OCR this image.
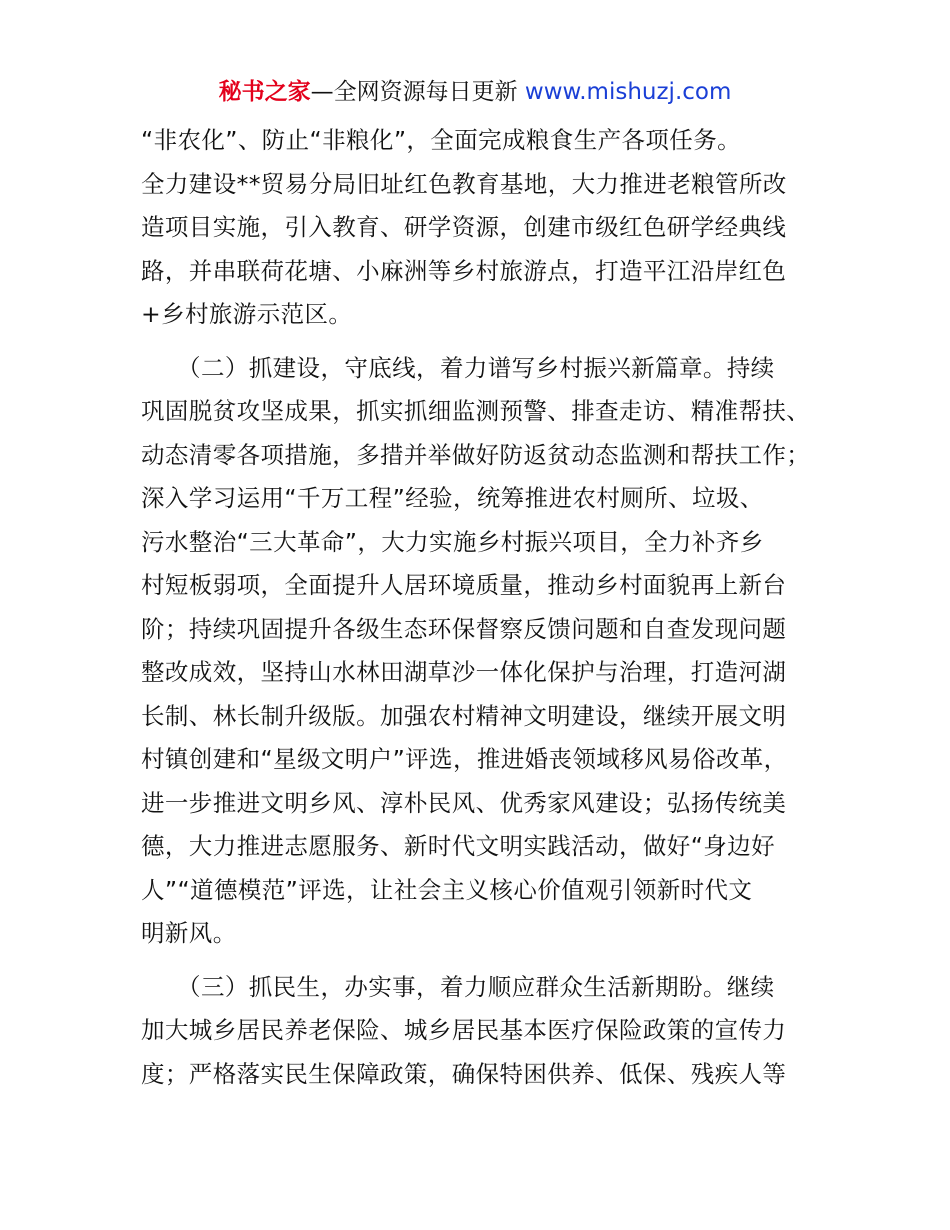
秘书之家—全网资源每日更新 www.mishuzj.com
“非农化”、防止“非粮化”，全面完成粮食生产各项任务。
全力建设**贸易分局旧址红色教育基地，大力推进老粮管所改
造项目实施，引入教育、研学资源，创建市级红色研学经典线
路，并串联荷花塘、小麻洲等乡村旅游点，打造平江沿岸红色
+乡村旅游示范区。
　　（二）抓建设，守底线，着力谱写乡村振兴新篇章。持续
巩固脱贫攻坚成果，抓实抓细监测预警、排查走访、精准帮扶、
动态清零各项措施，多措并举做好防返贫动态监测和帮扶工作；
深入学习运用“千万工程”经验，统筹推进农村厕所、垃圾、
污水整治“三大革命”，大力实施乡村振兴项目，全力补齐乡
村短板弱项，全面提升人居环境质量，推动乡村面貌再上新台
阶；持续巩固提升各级生态环保督察反馈问题和自查发现问题
整改成效，坚持山水林田湖草沙一体化保护与治理，打造河湖
长制、林长制升级版。加强农村精神文明建设，继续开展文明
村镇创建和“星级文明户”评选，推进婚丧领域移风易俗改革，
进一步推进文明乡风、淳朴民风、优秀家风建设；弘扬传统美
德，大力推进志愿服务、新时代文明实践活动，做好“身边好
人”“道德模范”评选，让社会主义核心价值观引领新时代文
明新风。
　　（三）抓民生，办实事，着力顺应群众生活新期盼。继续
加大城乡居民养老保险、城乡居民基本医疗保险政策的宣传力
度；严格落实民生保障政策，确保特困供养、低保、残疾人等
